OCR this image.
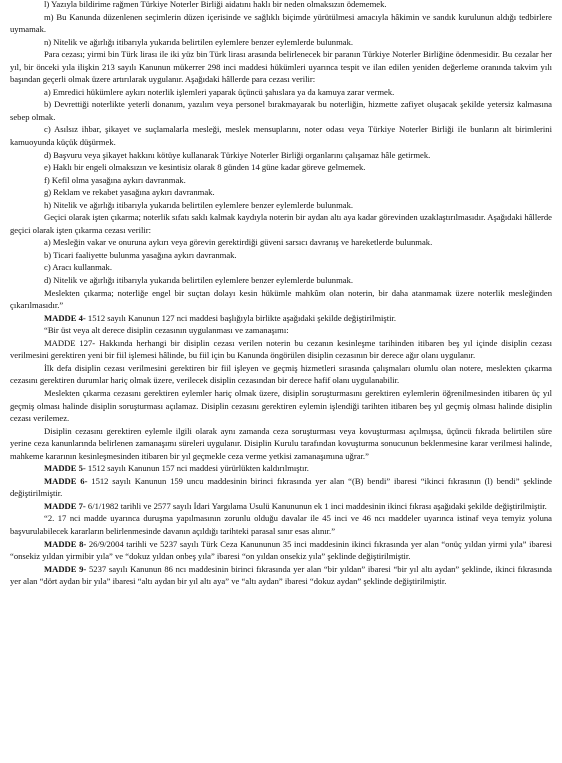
l) Yazıyla bildirime rağmen Türkiye Noterler Birliği aidatını haklı bir neden olmaksızın ödememek.

m) Bu Kanunda düzenlenen seçimlerin düzen içerisinde ve sağlıklı biçimde yürütülmesi amacıyla hâkimin ve sandık kurulunun aldığı tedbirlere uymamak.

n) Nitelik ve ağırlığı itibarıyla yukarıda belirtilen eylemlere benzer eylemlerde bulunmak.

Para cezası; yirmi bin Türk lirası ile iki yüz bin Türk lirası arasında belirlenecek bir paranın Türkiye Noterler Birliğine ödenmesidir. Bu cezalar her yıl, bir önceki yıla ilişkin 213 sayılı Kanunun mükerrer 298 inci maddesi hükümleri uyarınca tespit ve ilan edilen yeniden değerleme oranında takvim yılı başından geçerli olmak üzere artırılarak uygulanır. Aşağıdaki hâllerde para cezası verilir:

a) Emredici hükümlere aykırı noterlik işlemleri yaparak üçüncü şahıslara ya da kamuya zarar vermek.

b) Devrettiği noterlikte yeterli donanım, yazılım veya personel bırakmayarak bu noterliğin, hizmette zafiyet oluşacak şekilde yetersiz kalmasına sebep olmak.

c) Asılsız ihbar, şikayet ve suçlamalarla mesleği, meslek mensuplarını, noter odası veya Türkiye Noterler Birliği ile bunların alt birimlerini kamuoyunda küçük düşürmek.

d) Başvuru veya şikayet hakkını kötüye kullanarak Türkiye Noterler Birliği organlarını çalışamaz hâle getirmek.

e) Haklı bir engeli olmaksızın ve kesintisiz olarak 8 günden 14 güne kadar göreve gelmemek.

f) Kefil olma yasağına aykırı davranmak.

g) Reklam ve rekabet yasağına aykırı davranmak.

h) Nitelik ve ağırlığı itibarıyla yukarıda belirtilen eylemlere benzer eylemlerde bulunmak.

Geçici olarak işten çıkarma; noterlik sıfatı saklı kalmak kaydıyla noterin bir aydan altı aya kadar görevinden uzaklaştırılmasıdır. Aşağıdaki hâllerde geçici olarak işten çıkarma cezası verilir:

a) Mesleğin vakar ve onuruna aykırı veya görevin gerektirdiği güveni sarsıcı davranış ve hareketlerde bulunmak.

b) Ticari faaliyette bulunma yasağına aykırı davranmak.

c) Aracı kullanmak.

d) Nitelik ve ağırlığı itibarıyla yukarıda belirtilen eylemlere benzer eylemlerde bulunmak.

Meslekten çıkarma; noterliğe engel bir suçtan dolayı kesin hükümle mahkûm olan noterin, bir daha atanmamak üzere noterlik mesleğinden çıkarılmasıdır.”

MADDE 4- 1512 sayılı Kanunun 127 nci maddesi başlığıyla birlikte aşağıdaki şekilde değiştirilmiştir.

“Bir üst veya alt derece disiplin cezasının uygulanması ve zamanaşımı:

MADDE 127- Hakkında herhangi bir disiplin cezası verilen noterin bu cezanın kesinleşme tarihinden itibaren beş yıl içinde disiplin cezası verilmesini gerektiren yeni bir fiil işlemesi hâlinde, bu fiil için bu Kanunda öngörülen disiplin cezasının bir derece ağır olanı uygulanır.

İlk defa disiplin cezası verilmesini gerektiren bir fiil işleyen ve geçmiş hizmetleri sırasında çalışmaları olumlu olan notere, meslekten çıkarma cezasını gerektiren durumlar hariç olmak üzere, verilecek disiplin cezasından bir derece hafif olanı uygulanabilir.

Meslekten çıkarma cezasını gerektiren eylemler hariç olmak üzere, disiplin soruşturmasını gerektiren eylemlerin öğrenilmesinden itibaren üç yıl geçmiş olması halinde disiplin soruşturması açılamaz. Disiplin cezasını gerektiren eylemin işlendiği tarihten itibaren beş yıl geçmiş olması halinde disiplin cezası verilemez.

Disiplin cezasını gerektiren eylemle ilgili olarak aynı zamanda ceza soruşturması veya kovuşturması açılmışsa, üçüncü fıkrada belirtilen süre yerine ceza kanunlarında belirlenen zamanaşımı süreleri uygulanır. Disiplin Kurulu tarafından kovuşturma sonucunun beklenmesine karar verilmesi halinde, mahkeme kararının kesinleşmesinden itibaren bir yıl geçmekle ceza verme yetkisi zamanaşımına uğrar.”

MADDE 5- 1512 sayılı Kanunun 157 nci maddesi yürürlükten kaldırılmıştır.

MADDE 6- 1512 sayılı Kanunun 159 uncu maddesinin birinci fıkrasında yer alan “(B) bendi” ibaresi “ikinci fıkrasının (l) bendi” şeklinde değiştirilmiştir.

MADDE 7- 6/1/1982 tarihli ve 2577 sayılı İdari Yargılama Usulü Kanununun ek 1 inci maddesinin ikinci fıkrası aşağıdaki şekilde değiştirilmiştir.

“2. 17 nci madde uyarınca duruşma yapılmasının zorunlu olduğu davalar ile 45 inci ve 46 ncı maddeler uyarınca istinaf veya temyiz yoluna başvurulabilecek kararların belirlenmesinde davanın açıldığı tarihteki parasal sınır esas alınır.”

MADDE 8- 26/9/2004 tarihli ve 5237 sayılı Türk Ceza Kanununun 35 inci maddesinin ikinci fıkrasında yer alan “onüç yıldan yirmi yıla” ibaresi “onsekiz yıldan yirmibir yıla” ve “dokuz yıldan onbeş yıla” ibaresi “on yıldan onsekiz yıla” şeklinde değiştirilmiştir.

MADDE 9- 5237 sayılı Kanunun 86 ncı maddesinin birinci fıkrasında yer alan “bir yıldan” ibaresi “bir yıl altı aydan” şeklinde, ikinci fıkrasında yer alan “dört aydan bir yıla” ibaresi “altı aydan bir yıl altı aya” ve “altı aydan” ibaresi “dokuz aydan” şeklinde değiştirilmiştir.
